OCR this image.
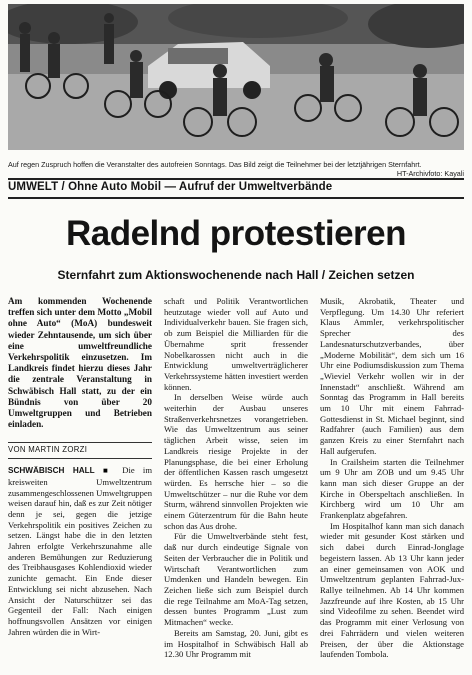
Auf regen Zuspruch hoffen die Veranstalter des autofreien Sonntags. Das Bild zeigt die Teilnehmer bei der letztjährigen Sternfahrt.
HT-Archivfoto: Kayali
UMWELT / Ohne Auto Mobil — Aufruf der Umweltverbände
Radelnd protestieren
Sternfahrt zum Aktionswochenende nach Hall / Zeichen setzen
Am kommenden Wochenende treffen sich unter dem Motto „Mobil ohne Auto“ (MoA) bundesweit wieder Zehntausende, um sich über eine umweltfreundliche Verkehrspolitik einzusetzen. Im Landkreis findet hierzu dieses Jahr die zentrale Veranstaltung in Schwäbisch Hall statt, zu der ein Bündnis von über 20 Umweltgruppen und Betrieben einladen.
VON MARTIN ZORZI

SCHWÄBISCH HALL ■ Die im kreisweiten Umweltzentrum zusammengeschlossenen Umweltgruppen weisen darauf hin, daß es zur Zeit nötiger denn je sei, gegen die jetzige Verkehrspolitik ein positives Zeichen zu setzen. Längst habe die in den letzten Jahren erfolgte Verkehrszunahme alle anderen Bemühungen zur Reduzierung des Treibhausgases Kohlendioxid wieder zunichte gemacht. Ein Ende dieser Entwicklung sei nicht abzusehen. Nach Ansicht der Naturschützer sei das Gegenteil der Fall: Nach einigen hoffnungsvollen Ansätzen vor einigen Jahren würden die in Wirt-

schaft und Politik Verantwortlichen heutzutage wieder voll auf Auto und Individualverkehr bauen. Sie fragen sich, ob zum Beispiel die Milliarden für die Übernahme sprit fressender Nobelkarossen nicht auch in die Entwicklung umweltverträglicherer Verkehrssysteme hätten investiert werden können.

In derselben Weise würde auch weiterhin der Ausbau unseres Straßenverkehrsnetzes vorangetrieben. Wie das Umweltzentrum aus seiner täglichen Arbeit wisse, seien im Landkreis riesige Projekte in der Planungsphase, die bei einer Erholung der öffentlichen Kassen rasch umgesetzt würden. Es herrsche hier – so die Umweltschützer – nur die Ruhe vor dem Sturm, während sinnvollen Projekten wie einem Güterzentrum für die Bahn heute schon das Aus drohe.

Für die Umweltverbände steht fest, daß nur durch eindeutige Signale von Seiten der Verbraucher die in Politik und Wirtschaft Verantwortlichen zum Umdenken und Handeln bewegen. Ein Zeichen ließe sich zum Beispiel durch die rege Teilnahme am MoA-Tag setzen, dessen buntes Programm „Lust zum Mitmachen“ wecke.

Bereits am Samstag, 20. Juni, gibt es im Hospitalhof in Schwäbisch Hall ab 12.30 Uhr Programm mit

Musik, Akrobatik, Theater und Verpflegung. Um 14.30 Uhr referiert Klaus Ammler, verkehrspolitischer Sprecher des Landesnaturschutzverbandes, über „Moderne Mobilität“, dem sich um 16 Uhr eine Podiumsdiskussion zum Thema „Wieviel Verkehr wollen wir in der Innenstadt“ anschließt. Während am Sonntag das Programm in Hall bereits um 10 Uhr mit einem Fahrrad-Gottesdienst in St. Michael beginnt, sind Radfahrer (auch Familien) aus dem ganzen Kreis zu einer Sternfahrt nach Hall aufgerufen.

In Crailsheim starten die Teilnehmer um 9 Uhr am ZOB und um 9.45 Uhr kann man sich dieser Gruppe an der Kirche in Oberspeltach anschließen. In Kirchberg wird um 10 Uhr am Frankenplatz abgefahren.

Im Hospitalhof kann man sich danach wieder mit gesunder Kost stärken und sich dabei durch Einrad-Jonglage begeistern lassen. Ab 13 Uhr kann jeder an einer gemeinsamen von AOK und Umweltzentrum geplanten Fahrrad-Jux-Rallye teilnehmen. Ab 14 Uhr kommen Jazzfreunde auf ihre Kosten, ab 15 Uhr sind Videofilme zu sehen. Beendet wird das Programm mit einer Verlosung von drei Fahrrädern und vielen weiteren Preisen, der über die Aktionstage laufenden Tombola.
